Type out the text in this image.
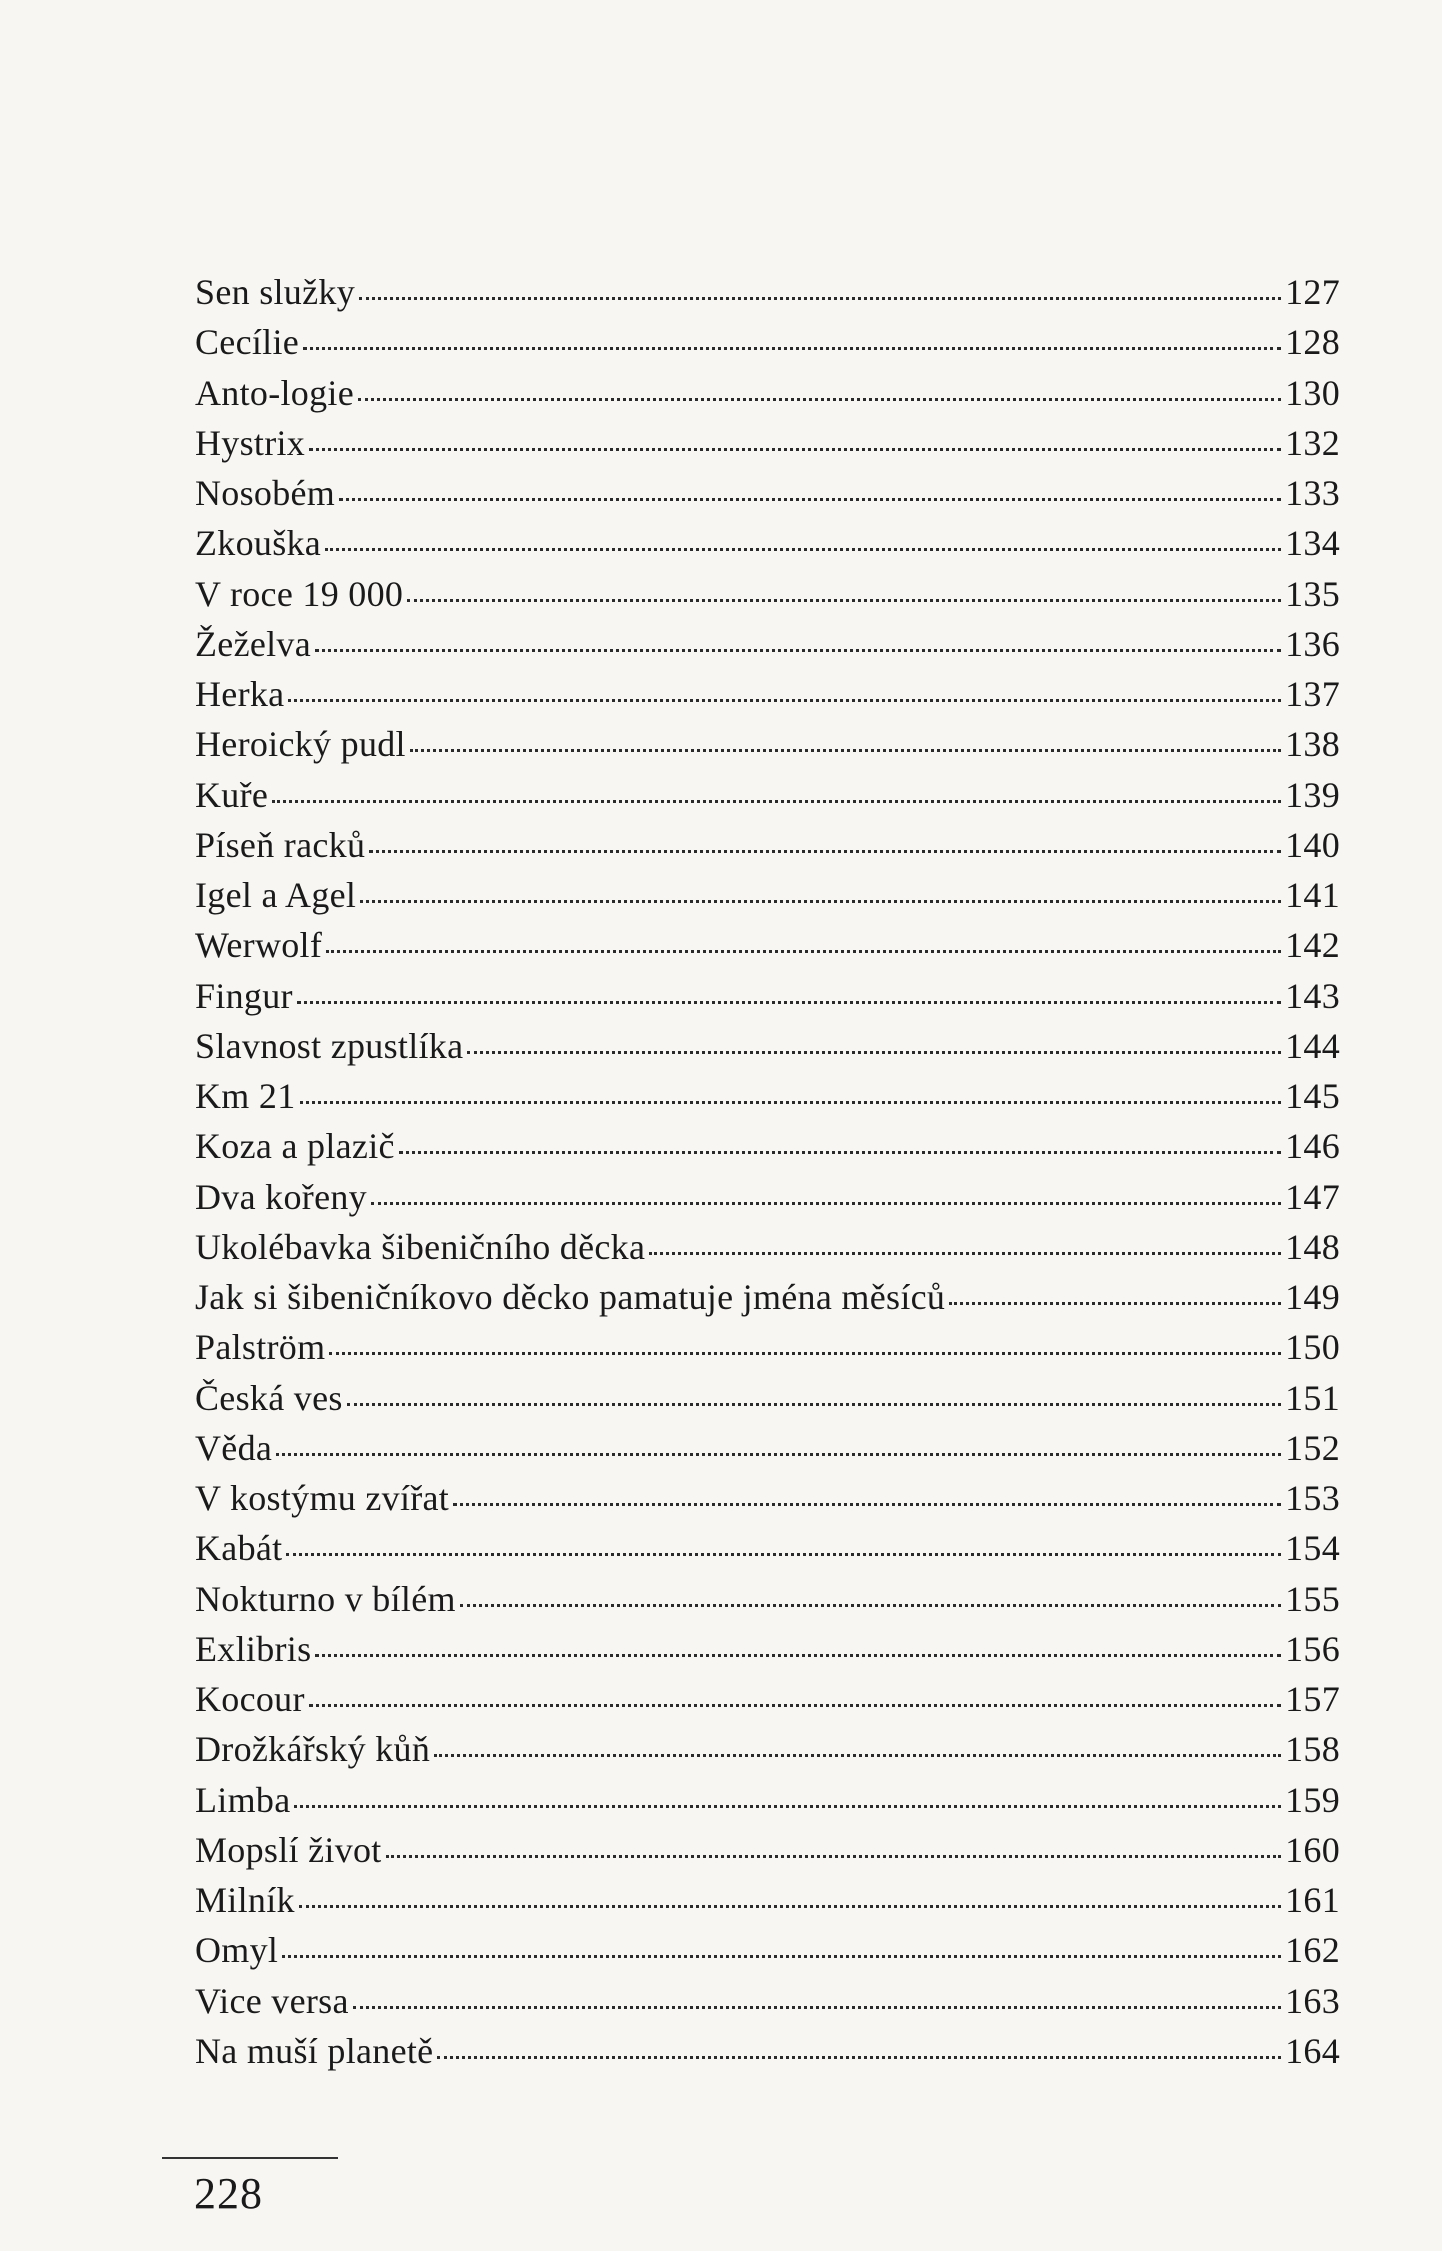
Sen služky	127
Cecílie	128
Anto-logie	130
Hystrix	132
Nosobém	133
Zkouška	134
V roce 19 000	135
Žeželva	136
Herka	137
Heroický pudl	138
Kuře	139
Píseň racků	140
Igel a Agel	141
Werwolf	142
Fingur	143
Slavnost zpustlíka	144
Km 21	145
Koza a plazič	146
Dva kořeny	147
Ukolébavka šibeničního děcka	148
Jak si šibeničníkovo děcko pamatuje jména měsíců	149
Palström	150
Česká ves	151
Věda	152
V kostýmu zvířat	153
Kabát	154
Nokturno v bílém	155
Exlibris	156
Kocour	157
Drožkářský kůň	158
Limba	159
Mopslí život	160
Milník	161
Omyl	162
Vice versa	163
Na muší planetě	164
228
